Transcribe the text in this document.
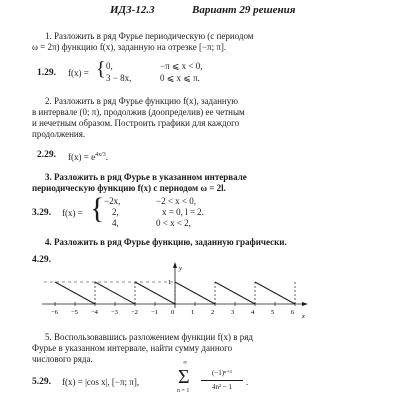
ИДЗ-12.3	Вариант 29 решения
1. Разложить в ряд Фурье периодическую (с периодом
ω = 2π) функцию f(x), заданную на отрезке [−π; π].
1.29. f(x) = { 0,	−π ⩽ x < 0,
3 − 8x,	0 ⩽ x ⩽ π.
2. Разложить в ряд Фурье функцию f(x), заданную
в интервале (0; π), продолжив (доопределив) ее четным
и нечетным образом. Построить графики для каждого
продолжения.
2.29. $f(x) = e^{4x/3}$.
3. Разложить в ряд Фурье в указанном интервале
периодическую функцию f(x) с периодом ω = 2l.
3.29. f(x) = { −2x,	−2 < x < 0,
2,	x = 0, l = 2.
4,	0 < x < 2,
4. Разложить в ряд Фурье функцию, заданную графически.
4.29.
y
x
1
−6 −5 −4 −3 −2 −1 0	1	2	3	4	5	6
5. Воспользовавшись разложением функции f(x) в ряд
Фурье в указанном интервале, найти сумму данного
числового ряда.
5.29. f(x) = |cos x|, [−π; π],
∞
Σ
n = 1
(−1)ⁿ⁺¹
4n² − 1	.
